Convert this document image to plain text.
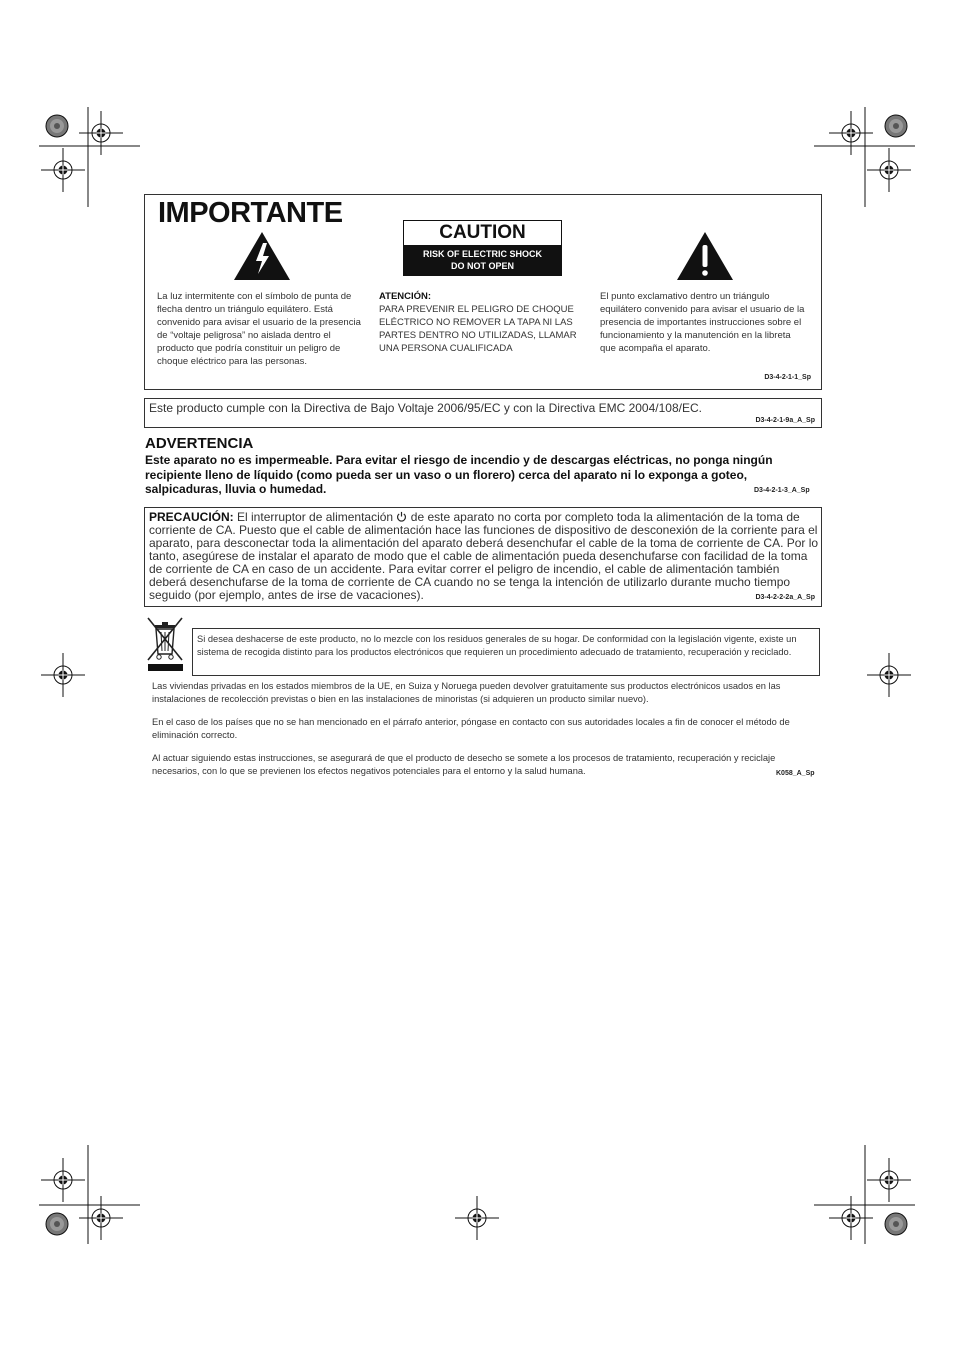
IMPORTANTE
CAUTION
RISK OF ELECTRIC SHOCK
DO NOT OPEN
La luz intermitente con el símbolo de punta de flecha dentro un triángulo equilátero. Está convenido para avisar el usuario de la presencia de “voltaje peligrosa” no aislada dentro el producto que podría constituir un peligro de choque eléctrico para las personas.
ATENCIÓN:
PARA PREVENIR EL PELIGRO DE CHOQUE ELÉCTRICO NO REMOVER LA TAPA NI LAS PARTES DENTRO NO UTILIZADAS, LLAMAR UNA PERSONA CUALIFICADA
El punto exclamativo dentro un triángulo equilátero convenido para avisar el usuario de la presencia de importantes instrucciones sobre el funcionamiento y la manutención en la libreta que acompaña el aparato.
D3-4-2-1-1_Sp
Este producto cumple con la Directiva de Bajo Voltaje 2006/95/EC y con la Directiva EMC 2004/108/EC.
D3-4-2-1-9a_A_Sp
ADVERTENCIA
Este aparato no es impermeable. Para evitar el riesgo de incendio y de descargas eléctricas, no ponga ningún recipiente lleno de líquido (como pueda ser un vaso o un florero) cerca del aparato ni lo exponga a goteo, salpicaduras, lluvia o humedad.	D3-4-2-1-3_A_Sp
PRECAUCIÓN: El interruptor de alimentación de este aparato no corta por completo toda la alimentación de la toma de corriente de CA. Puesto que el cable de alimentación hace las funciones de dispositivo de desconexión de la corriente para el aparato, para desconectar toda la alimentación del aparato deberá desenchufar el cable de la toma de corriente de CA. Por lo tanto, asegúrese de instalar el aparato de modo que el cable de alimentación pueda desenchufarse con facilidad de la toma de corriente de CA en caso de un accidente. Para evitar correr el peligro de incendio, el cable de alimentación también deberá desenchufarse de la toma de corriente de CA cuando no se tenga la intención de utilizarlo durante mucho tiempo seguido (por ejemplo, antes de irse de vacaciones).	D3-4-2-2-2a_A_Sp
Si desea deshacerse de este producto, no lo mezcle con los residuos generales de su hogar. De conformidad con la legislación vigente, existe un sistema de recogida distinto para los productos electrónicos que requieren un procedimiento adecuado de tratamiento, recuperación y reciclado.
Las viviendas privadas en los estados miembros de la UE, en Suiza y Noruega pueden devolver gratuitamente sus productos electrónicos usados en las instalaciones de recolección previstas o bien en las instalaciones de minoristas (si adquieren un producto similar nuevo).
En el caso de los países que no se han mencionado en el párrafo anterior, póngase en contacto con sus autoridades locales a fin de conocer el método de eliminación correcto.
Al actuar siguiendo estas instrucciones, se asegurará de que el producto de desecho se somete a los procesos de tratamiento, recuperación y reciclaje necesarios, con lo que se previenen los efectos negativos potenciales para el entorno y la salud humana.	K058_A_Sp
